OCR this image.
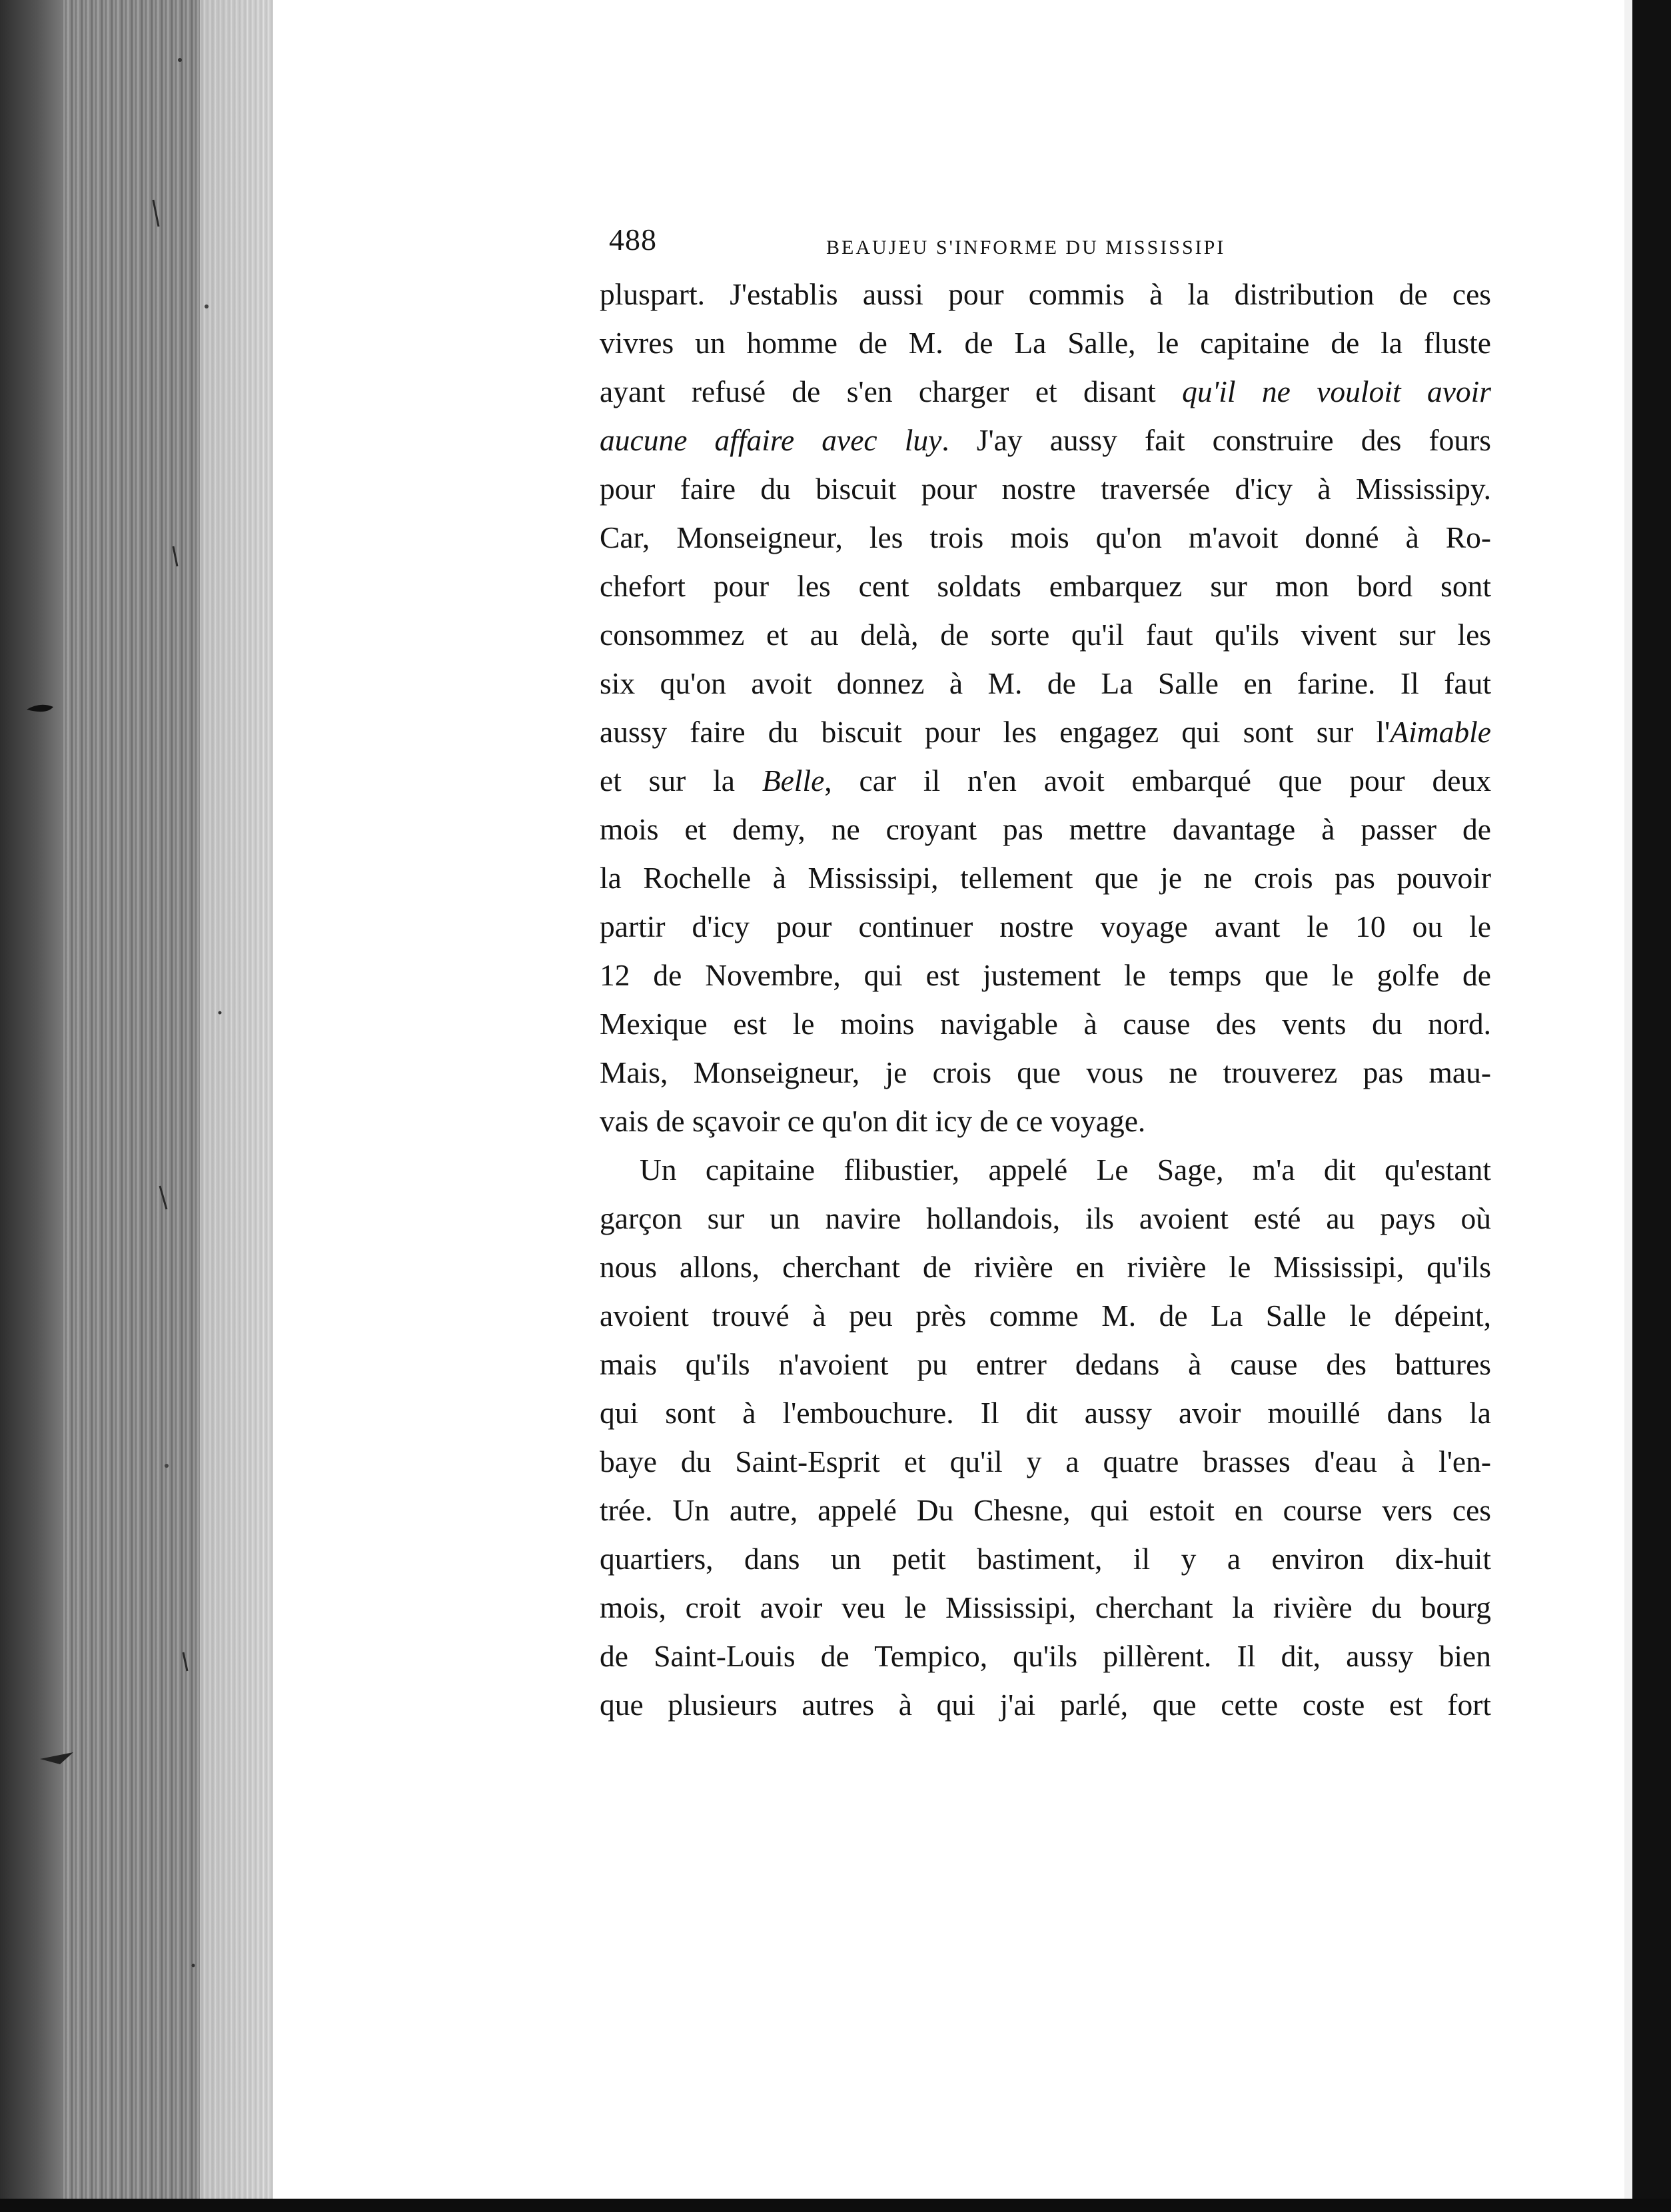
488	BEAUJEU S'INFORME DU MISSISSIPI
pluspart. J'establis aussi pour commis à la distribution de ces
vivres un homme de M. de La Salle, le capitaine de la fluste
ayant refusé de s'en charger et disant qu'il ne vouloit avoir
aucune affaire avec luy. J'ay aussy fait construire des fours
pour faire du biscuit pour nostre traversée d'icy à Mississipy.
Car, Monseigneur, les trois mois qu'on m'avoit donné à Ro-
chefort pour les cent soldats embarquez sur mon bord sont
consommez et au delà, de sorte qu'il faut qu'ils vivent sur les
six qu'on avoit donnez à M. de La Salle en farine. Il faut
aussy faire du biscuit pour les engagez qui sont sur l'Aimable
et sur la Belle, car il n'en avoit embarqué que pour deux
mois et demy, ne croyant pas mettre davantage à passer de
la Rochelle à Mississipi, tellement que je ne crois pas pouvoir
partir d'icy pour continuer nostre voyage avant le 10 ou le
12 de Novembre, qui est justement le temps que le golfe de
Mexique est le moins navigable à cause des vents du nord.
Mais, Monseigneur, je crois que vous ne trouverez pas mau-
vais de sçavoir ce qu'on dit icy de ce voyage.
Un capitaine flibustier, appelé Le Sage, m'a dit qu'estant
garçon sur un navire hollandois, ils avoient esté au pays où
nous allons, cherchant de rivière en rivière le Mississipi, qu'ils
avoient trouvé à peu près comme M. de La Salle le dépeint,
mais qu'ils n'avoient pu entrer dedans à cause des battures
qui sont à l'embouchure. Il dit aussy avoir mouillé dans la
baye du Saint-Esprit et qu'il y a quatre brasses d'eau à l'en-
trée. Un autre, appelé Du Chesne, qui estoit en course vers ces
quartiers, dans un petit bastiment, il y a environ dix-huit
mois, croit avoir veu le Mississipi, cherchant la rivière du bourg
de Saint-Louis de Tempico, qu'ils pillèrent. Il dit, aussy bien
que plusieurs autres à qui j'ai parlé, que cette coste est fort
